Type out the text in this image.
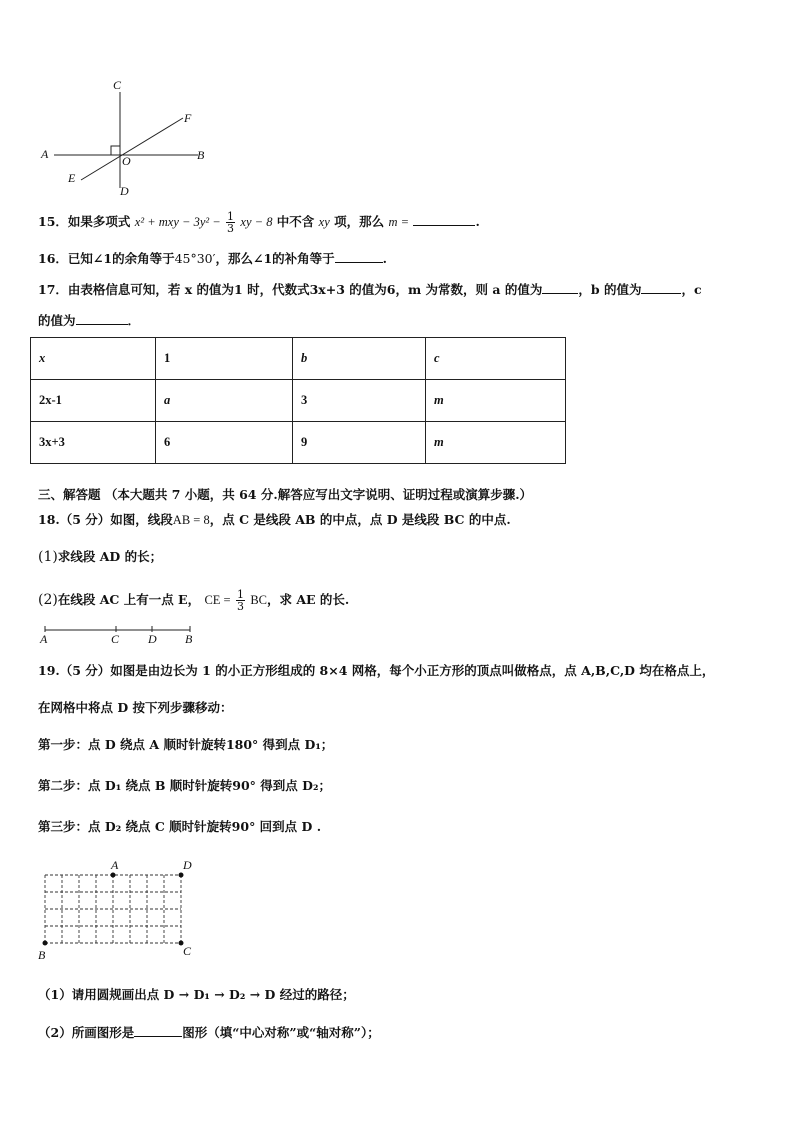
C
F
A	O	B
E
D
15．如果多项式 x² + mxy − $3y^2 - \frac{1}{3}$ xy − 8 中不含 xy 项，那么 m =	.
16．已知∠1的余角等于45°30′，那么∠1的补角等于	.
17．由表格信息可知，若 x 的值为1 时，代数式3x+3 的值为6，m 为常数，则 a 的值为	，b 的值为	，c
的值为	．
x	1	b	c
2x-1	a	3	m
3x+3	6	9	m
三、解答题 （本大题共 7 小题，共 64 分.解答应写出文字说明、证明过程或演算步骤.）
18.（5 分）如图，线段AB = 8，点 C 是线段 AB 的中点，点 D 是线段 BC 的中点.
(1)求线段 AD 的长；
(2)在线段 AC 上有一点 E， CE = $\frac{1}{3}$ BC，求 AE 的长.
A	C D B
19.（5 分）如图是由边长为 1 的小正方形组成的 8×4 网格，每个小正方形的顶点叫做格点，点 A,B,C,D 均在格点上，
在网格中将点 D 按下列步骤移动：
第一步：点 D 绕点 A 顺时针旋转180° 得到点 D₁；
第二步：点 D₁ 绕点 B 顺时针旋转90° 得到点 D₂；
第三步：点 D₂ 绕点 C 顺时针旋转90° 回到点 D .
A	D
B	C
（1）请用圆规画出点 D → D₁ → D₂ → D 经过的路径；
（2）所画图形是	图形（填“中心对称”或“轴对称”）；
